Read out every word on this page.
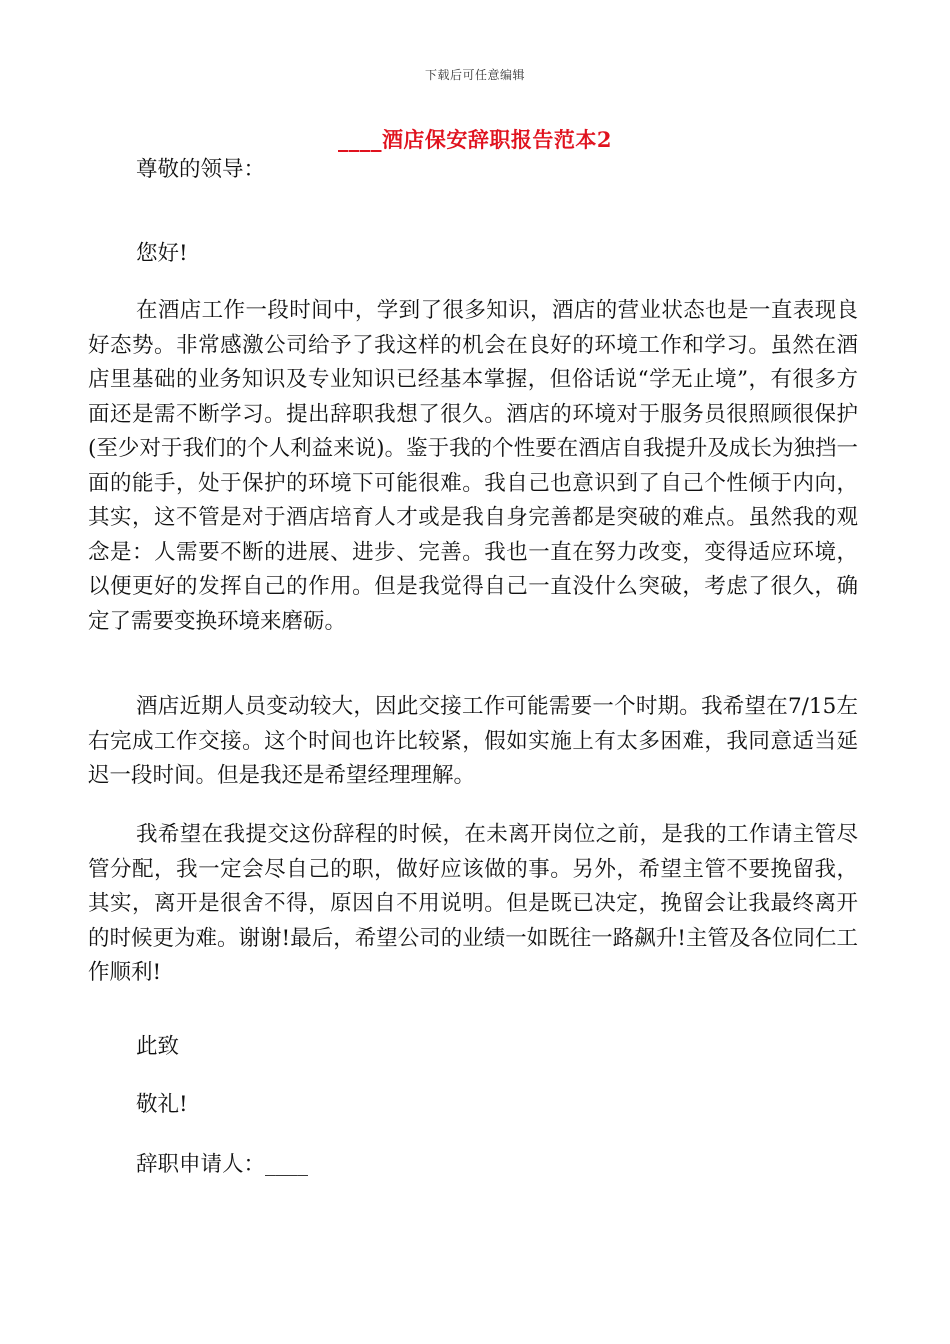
下载后可任意编辑
____酒店保安辞职报告范本2
尊敬的领导：
您好!
在酒店工作一段时间中，学到了很多知识，酒店的营业状态也是一直表现良好态势。非常感激公司给予了我这样的机会在良好的环境工作和学习。虽然在酒店里基础的业务知识及专业知识已经基本掌握，但俗话说“学无止境”，有很多方面还是需不断学习。提出辞职我想了很久。酒店的环境对于服务员很照顾很保护(至少对于我们的个人利益来说)。鉴于我的个性要在酒店自我提升及成长为独挡一面的能手，处于保护的环境下可能很难。我自己也意识到了自己个性倾于内向，其实，这不管是对于酒店培育人才或是我自身完善都是突破的难点。虽然我的观念是：人需要不断的进展、进步、完善。我也一直在努力改变，变得适应环境，以便更好的发挥自己的作用。但是我觉得自己一直没什么突破，考虑了很久，确定了需要变换环境来磨砺。
酒店近期人员变动较大，因此交接工作可能需要一个时期。我希望在7/15左右完成工作交接。这个时间也许比较紧，假如实施上有太多困难，我同意适当延迟一段时间。但是我还是希望经理理解。
我希望在我提交这份辞程的时候，在未离开岗位之前，是我的工作请主管尽管分配，我一定会尽自己的职，做好应该做的事。另外，希望主管不要挽留我，其实，离开是很舍不得，原因自不用说明。但是既已决定，挽留会让我最终离开的时候更为难。谢谢!最后，希望公司的业绩一如既往一路飙升!主管及各位同仁工作顺利!
此致
敬礼!
辞职申请人：____
